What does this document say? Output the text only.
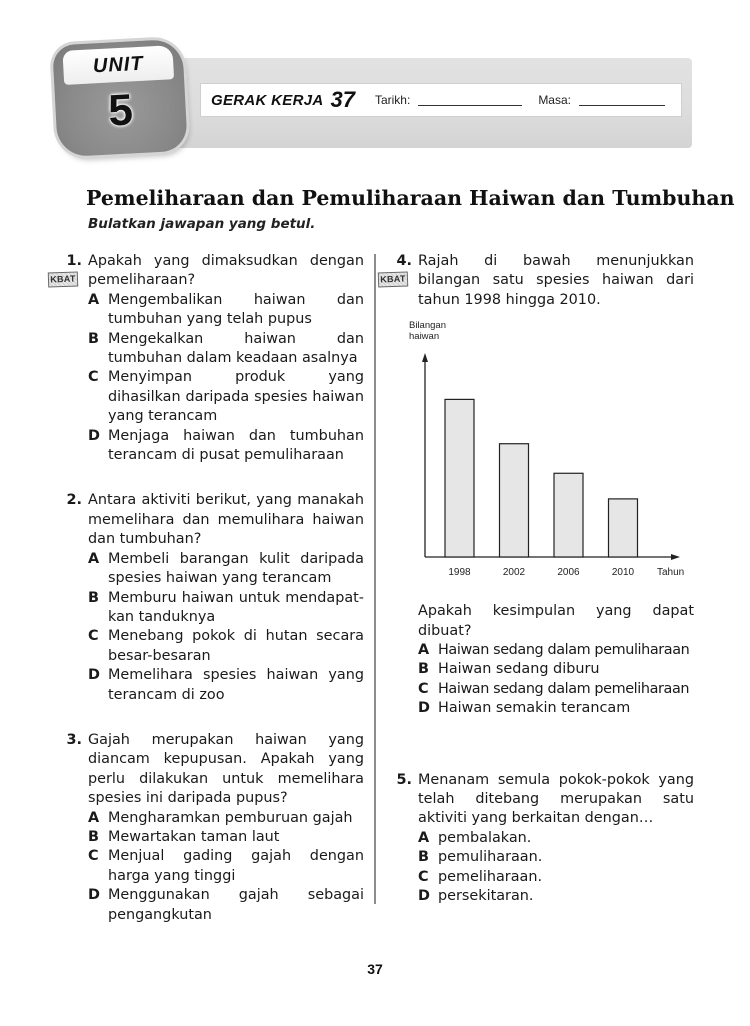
UNIT
5	GERAK KERJA 37 Tarikh:	Masa:
Pemeliharaan dan Pemuliharaan Haiwan dan Tumbuhan
Bulatkan jawapan yang betul.
KBAT
1. Apakah yang dimaksudkan dengan pemeliharaan?
A Mengembalikan haiwan dan tumbuhan yang telah pupus
B Mengekalkan haiwan dan tumbuhan dalam keadaan asalnya
C Menyimpan produk yang dihasilkan daripada spesies haiwan yang terancam
D Menjaga haiwan dan tumbuhan terancam di pusat pemuliharaan
2. Antara aktiviti berikut, yang manakah memelihara dan memulihara haiwan dan tumbuhan?
A Membeli barangan kulit daripada spesies haiwan yang terancam
B Memburu haiwan untuk mendapat-kan tanduknya
C Menebang pokok di hutan secara besar-besaran
D Memelihara spesies haiwan yang terancam di zoo
3. Gajah merupakan haiwan yang diancam kepupusan. Apakah yang perlu dilakukan untuk memelihara spesies ini daripada pupus?
A Mengharamkan pemburuan gajah
B Mewartakan taman laut
C Menjual gading gajah dengan harga yang tinggi
D Menggunakan gajah sebagai pengangkutan
KBAT
4. Rajah di bawah menunjukkan bilangan satu spesies haiwan dari tahun 1998 hingga 2010.
Bilangan haiwan
1998	2002	2006	2010 Tahun
Apakah kesimpulan yang dapat dibuat?
A Haiwan sedang dalam pemuliharaan
B Haiwan sedang diburu
C Haiwan sedang dalam pemeliharaan
D Haiwan semakin terancam
5. Menanam semula pokok-pokok yang telah ditebang merupakan satu aktiviti yang berkaitan dengan…
A pembalakan.
B pemuliharaan.
C pemeliharaan.
D persekitaran.
37
